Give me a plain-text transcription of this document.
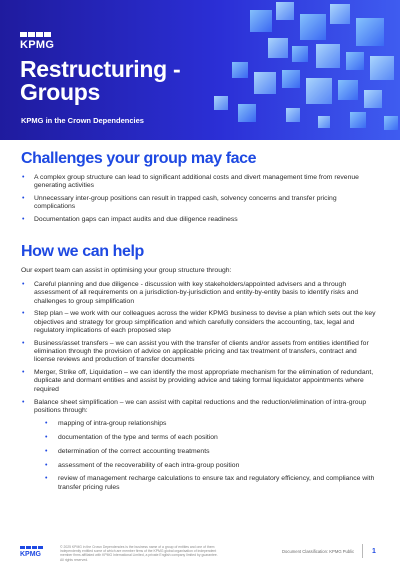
KPMG
Restructuring -
Groups
KPMG in the Crown Dependencies
Challenges your group may face
• A complex group structure can lead to significant additional costs and divert management time from revenue generating activities
• Unnecessary inter-group positions can result in trapped cash, solvency concerns and transfer pricing complications
• Documentation gaps can impact audits and due diligence readiness
How we can help
Our expert team can assist in optimising your group structure through:
• Careful planning and due diligence - discussion with key stakeholders/appointed advisers and a through assessment of all requirements on a jurisdiction-by-jurisdiction and entity-by-entity basis to identify risks and challenges to group simplification
• Step plan – we work with our colleagues across the wider KPMG business to devise a plan which sets out the key objectives and strategy for group simplification and which carefully considers the accounting, tax, legal and regulatory implications of each proposed step
• Business/asset transfers – we can assist you with the transfer of clients and/or assets from entities identified for elimination through the provision of advice on applicable pricing and tax treatment of transfers, contract and license reviews and production of transfer documents
• Merger, Strike off, Liquidation – we can identify the most appropriate mechanism for the elimination of redundant, duplicate and dormant entities and assist by providing advice and taking formal liquidator appointments where required
• Balance sheet simplification – we can assist with capital reductions and the reduction/elimination of intra-group positions through:
• mapping of intra-group relationships
• documentation of the type and terms of each position
• determination of the correct accounting treatments
• assessment of the recoverability of each intra-group position
• review of management recharge calculations to ensure tax and regulatory efficiency, and compliance with transfer pricing rules
KPMG
© 2025 KPMG in the Crown Dependencies is the business name of a group of entities and one of them independently entitled some of which are member firms of the KPMG global organisation of independent member firms affiliated with KPMG International Limited, a private English company limited by guarantee. All rights reserved.
Document Classification: KPMG Public	1
